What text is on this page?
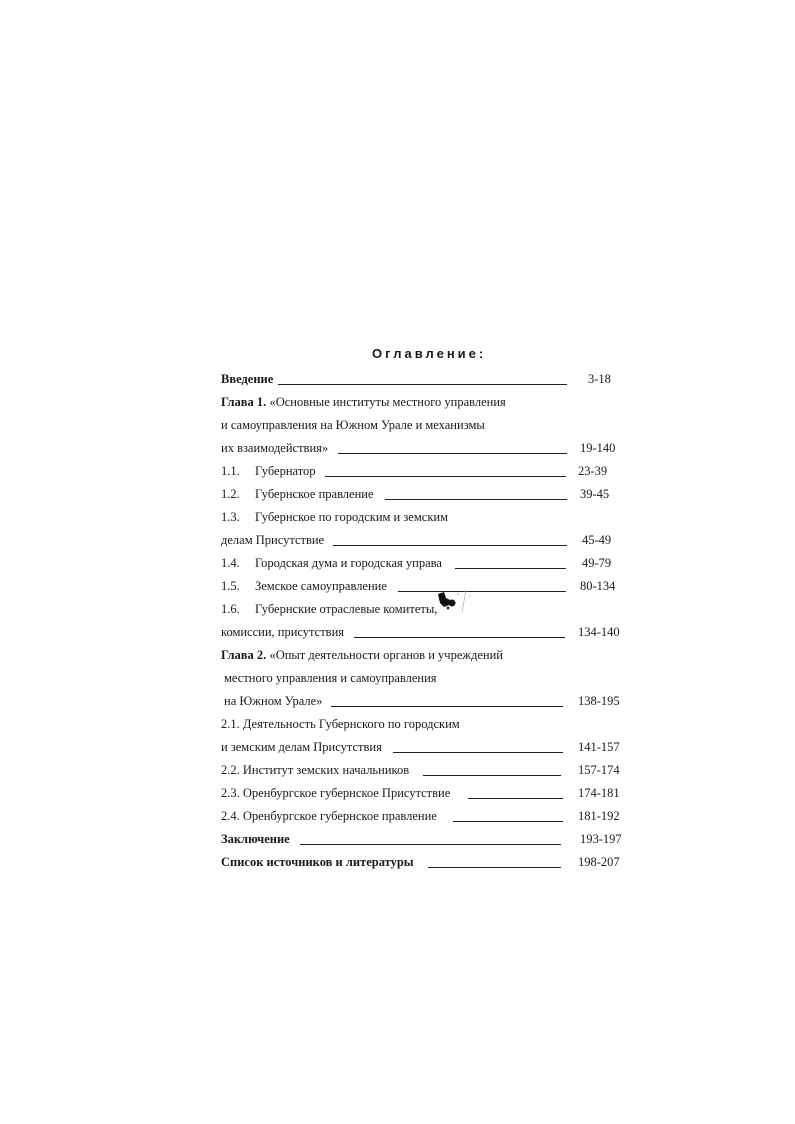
Оглавление:
Введение	3-18
Глава 1. «Основные институты местного управления
и самоуправления на Южном Урале и механизмы
их взаимодействия»	19-140
1.1. Губернатор	23-39
1.2. Губернское правление	39-45
1.3. Губернское по городским и земским
делам Присутствие	45-49
1.4. Городская дума и городская управа	49-79
1.5. Земское самоуправление	80-134
1.6. Губернские отраслевые комитеты,
комиссии, присутствия	134-140
Глава 2. «Опыт деятельности органов и учреждений
местного управления и самоуправления
на Южном Урале»	138-195
2.1. Деятельность Губернского по городским
и земским делам Присутствия	141-157
2.2. Институт земских начальников	157-174
2.3. Оренбургское губернское Присутствие	174-181
2.4. Оренбургское губернское правление	181-192
Заключение	193-197
Список источников и литературы	198-207
